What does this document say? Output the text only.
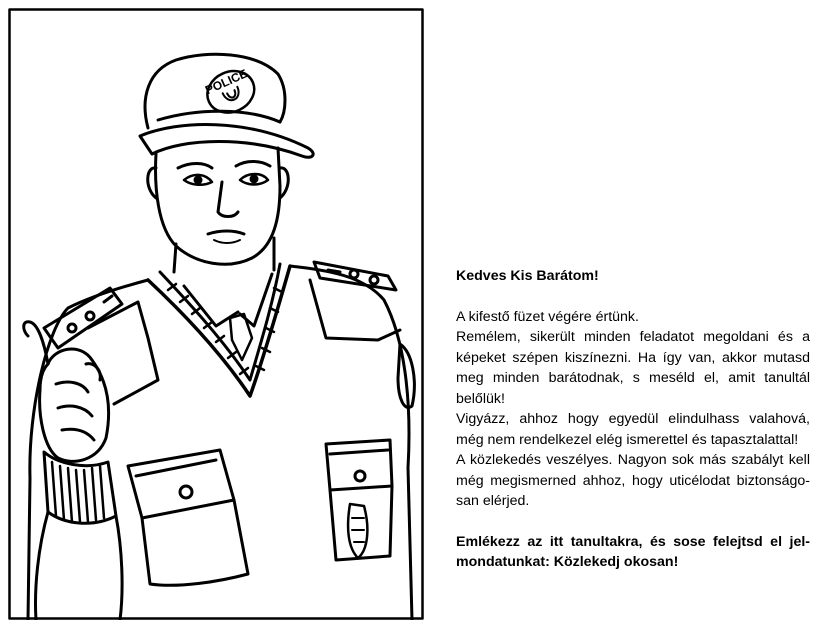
POLICE

Kedves Kis Barátom!

A kifestő füzet végére értünk.

Remélem, sikerült minden feladatot megoldani és a képeket szépen kiszínezni. Ha így van, akkor mutasd meg minden barátodnak, s meséld el, amit tanultál belőlük!

Vigyázz, ahhoz hogy egyedül elindulhass valahová, még nem rendelkezel elég ismerettel és tapasztalattal!

A közlekedés veszélyes. Nagyon sok más szabályt kell még megismerned ahhoz, hogy uticélodat biztonságo-san elérjed.

Emlékezz az itt tanultakra, és sose felejtsd el jel-mondatunkat: Közlekedj okosan!
